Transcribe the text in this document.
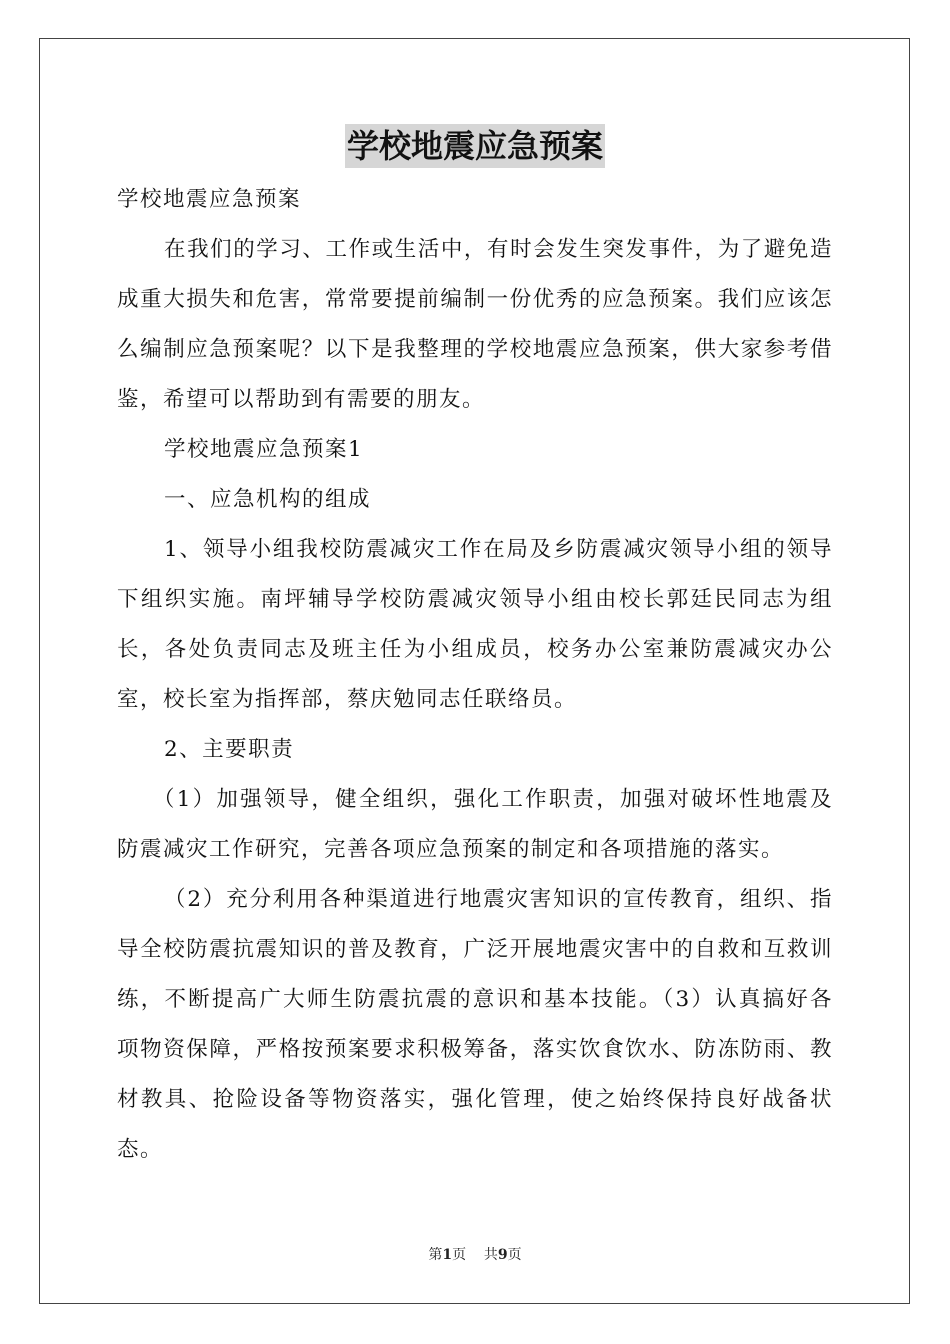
学校地震应急预案

学校地震应急预案

在我们的学习、工作或生活中，有时会发生突发事件，为了避免造成重大损失和危害，常常要提前编制一份优秀的应急预案。我们应该怎么编制应急预案呢？以下是我整理的学校地震应急预案，供大家参考借鉴，希望可以帮助到有需要的朋友。

学校地震应急预案1

一、应急机构的组成

1、领导小组我校防震减灾工作在局及乡防震减灾领导小组的领导下组织实施。南坪辅导学校防震减灾领导小组由校长郭廷民同志为组长，各处负责同志及班主任为小组成员，校务办公室兼防震减灾办公室，校长室为指挥部，蔡庆勉同志任联络员。

2、主要职责

（1）加强领导，健全组织，强化工作职责，加强对破坏性地震及防震减灾工作研究，完善各项应急预案的制定和各项措施的落实。

（2）充分利用各种渠道进行地震灾害知识的宣传教育，组织、指导全校防震抗震知识的普及教育，广泛开展地震灾害中的自救和互救训练，不断提高广大师生防震抗震的意识和基本技能。（3）认真搞好各项物资保障，严格按预案要求积极筹备，落实饮食饮水、防冻防雨、教材教具、抢险设备等物资落实，强化管理，使之始终保持良好战备状态。

第1页 共9页
